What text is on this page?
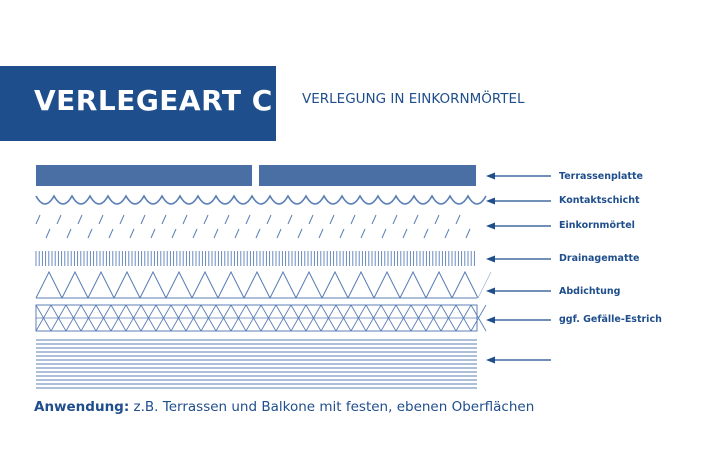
VERLEGEART C VERLEGUNG IN EINKORNMÖRTEL
Terrassenplatte
Kontaktschicht
Einkornmörtel
Drainagematte
Abdichtung
ggf. Gefälle-Estrich
Anwendung: z.B. Terrassen und Balkone mit festen, ebenen Oberflächen
